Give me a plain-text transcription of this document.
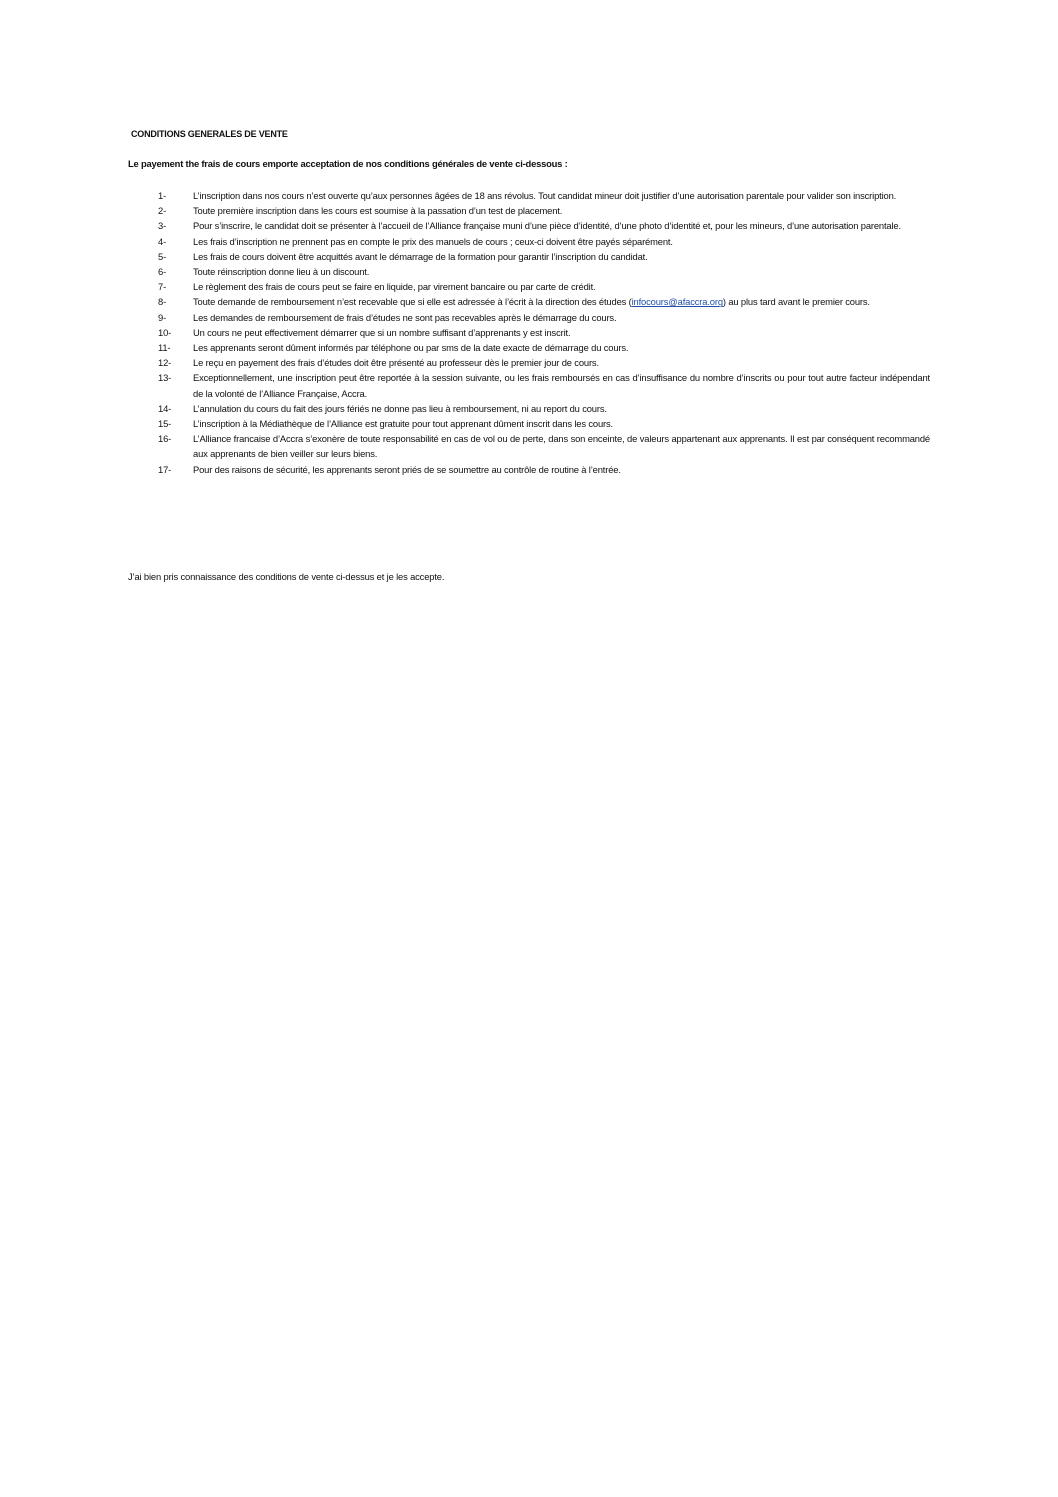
CONDITIONS GENERALES DE VENTE
Le payement the frais de cours emporte acceptation de nos conditions générales de vente ci-dessous :
1-	L’inscription dans nos cours n’est ouverte qu’aux personnes âgées de 18 ans révolus. Tout candidat mineur doit justifier d’une autorisation parentale pour valider son inscription.
2-	Toute première inscription dans les cours est soumise à la passation d’un test de placement.
3-	Pour s’inscrire, le candidat doit se présenter à l’accueil de l’Alliance française muni d’une pièce d’identité, d’une photo d’identité et, pour les mineurs, d’une autorisation parentale.
4-	Les frais d’inscription ne prennent pas en compte le prix des manuels de cours ; ceux-ci doivent être payés séparément.
5-	Les frais de cours doivent être acquittés avant le démarrage de la formation pour garantir l’inscription du candidat.
6-	Toute réinscription donne lieu à un discount.
7-	Le règlement des frais de cours peut se faire en liquide, par virement bancaire ou par carte de crédit.
8-	Toute demande de remboursement n’est recevable que si elle est adressée à l’écrit à la direction des études (infocours@afaccra.org) au plus tard avant le premier cours.
9-	Les demandes de remboursement de frais d’études ne sont pas recevables après le démarrage du cours.
10-	Un cours ne peut effectivement démarrer que si un nombre suffisant d’apprenants y est inscrit.
11-	Les apprenants seront dûment informés par téléphone ou par sms de la date exacte de démarrage du cours.
12-	Le reçu en payement des frais d’études doit être présenté au professeur dès le premier jour de cours.
13-	Exceptionnellement, une inscription peut être reportée à la session suivante, ou les frais remboursés en cas d’insuffisance du nombre d’inscrits ou pour tout autre facteur indépendant de la volonté de l’Alliance Française, Accra.
14-	L’annulation du cours du fait des jours fériés ne donne pas lieu à remboursement, ni au report du cours.
15-	L’inscription à la Médiathèque de l’Alliance est gratuite pour tout apprenant dûment inscrit dans les cours.
16-	L’Alliance francaise d’Accra s’exonère de toute responsabilité en cas de vol ou de perte, dans son enceinte, de valeurs appartenant aux apprenants. Il est par conséquent recommandé aux apprenants de bien veiller sur leurs biens.
17-	Pour des raisons de sécurité, les apprenants seront priés de se soumettre au contrôle de routine à l’entrée.
J’ai bien pris connaissance des conditions de vente ci-dessus et je les accepte.
